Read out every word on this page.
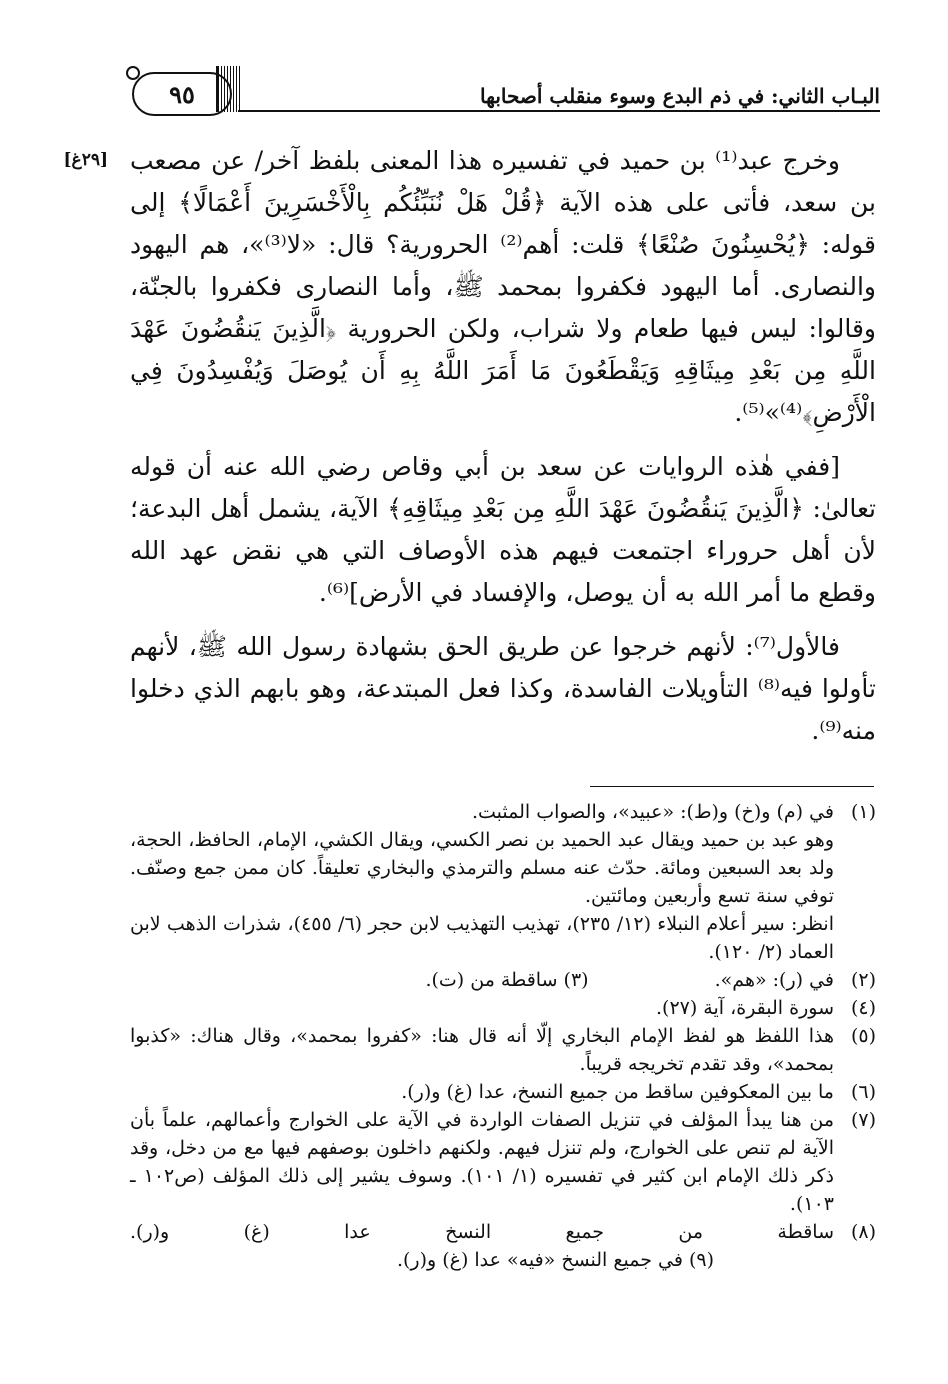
البـاب الثاني: في ذم البدع وسوء منقلب أصحابها
٩٥
[٢٩غ] وخرج عبد⁽¹⁾ بن حميد في تفسيره هذا المعنى بلفظ آخر/ عن مصعب بن سعد، فأتى على هذه الآية ﴿قُلْ هَلْ نُنَبِّئُكُم بِالْأَخْسَرِينَ أَعْمَالًا﴾ إلى قوله: ﴿يُحْسِنُونَ صُنْعًا﴾ قلت: أهم⁽²⁾ الحرورية؟ قال: «لا⁽³⁾»، هم اليهود والنصارى. أما اليهود فكفروا بمحمد ﷺ، وأما النصارى فكفروا بالجنّة، وقالوا: ليس فيها طعام ولا شراب، ولكن الحرورية ﴿الَّذِينَ يَنقُضُونَ عَهْدَ اللَّهِ مِن بَعْدِ مِيثَاقِهِ وَيَقْطَعُونَ مَا أَمَرَ اللَّهُ بِهِ أَن يُوصَلَ وَيُفْسِدُونَ فِي الْأَرْضِ﴾⁽⁴⁾»⁽⁵⁾.

[ففي هٰذه الروايات عن سعد بن أبي وقاص رضي الله عنه أن قوله تعالىٰ: ﴿الَّذِينَ يَنقُضُونَ عَهْدَ اللَّهِ مِن بَعْدِ مِيثَاقِهِ﴾ الآية، يشمل أهل البدعة؛ لأن أهل حروراء اجتمعت فيهم هذه الأوصاف التي هي نقض عهد الله وقطع ما أمر الله به أن يوصل، والإفساد في الأرض]⁽⁶⁾.

فالأول⁽⁷⁾: لأنهم خرجوا عن طريق الحق بشهادة رسول الله ﷺ، لأنهم تأولوا فيه⁽⁸⁾ التأويلات الفاسدة، وكذا فعل المبتدعة، وهو بابهم الذي دخلوا منه⁽⁹⁾.

(١)
في (م) و(خ) و(ط): «عبيد»، والصواب المثبت.
وهو عبد بن حميد ويقال عبد الحميد بن نصر الكسي، ويقال الكشي، الإمام، الحافظ، الحجة، ولد بعد السبعين ومائة. حدّث عنه مسلم والترمذي والبخاري تعليقاً. كان ممن جمع وصنّف. توفي سنة تسع وأربعين ومائتين.
انظر: سير أعلام النبلاء (١٢/ ٢٣٥)، تهذيب التهذيب لابن حجر (٦/ ٤٥٥)، شذرات الذهب لابن العماد (٢/ ١٢٠).
(٢)
في (ر): «هم». (٣) ساقطة من (ت).
(٤)
سورة البقرة، آية (٢٧).
(٥)
هذا اللفظ هو لفظ الإمام البخاري إلّا أنه قال هنا: «كفروا بمحمد»، وقال هناك: «كذبوا بمحمد»، وقد تقدم تخريجه قريباً.
(٦)
ما بين المعكوفين ساقط من جميع النسخ، عدا (غ) و(ر).
(٧)
من هنا يبدأ المؤلف في تنزيل الصفات الواردة في الآية على الخوارج وأعمالهم، علماً بأن الآية لم تنص على الخوارج، ولم تنزل فيهم. ولكنهم داخلون بوصفهم فيها مع من دخل، وقد ذكر ذلك الإمام ابن كثير في تفسيره (١/ ١٠١). وسوف يشير إلى ذلك المؤلف (ص١٠٢ ـ ١٠٣).
(٨)
ساقطة من جميع النسخ عدا (غ) و(ر). (٩) في جميع النسخ «فيه» عدا (غ) و(ر).
